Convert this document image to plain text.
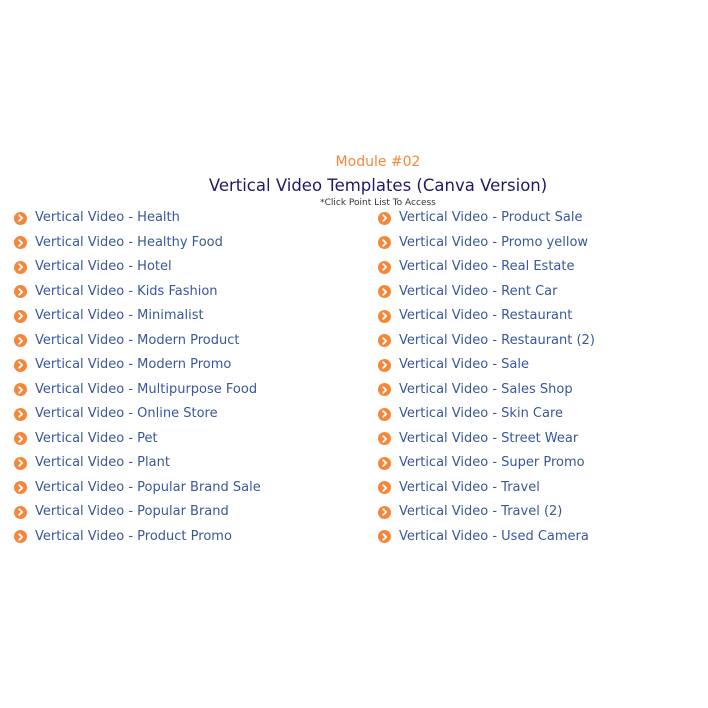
Module #02
Vertical Video Templates (Canva Version)
*Click Point List To Access
Vertical Video - Health
Vertical Video - Healthy Food
Vertical Video - Hotel
Vertical Video - Kids Fashion
Vertical Video - Minimalist
Vertical Video - Modern Product
Vertical Video - Modern Promo
Vertical Video - Multipurpose Food
Vertical Video - Online Store
Vertical Video - Pet
Vertical Video - Plant
Vertical Video - Popular Brand Sale
Vertical Video - Popular Brand
Vertical Video - Product Promo
Vertical Video - Product Sale
Vertical Video - Promo yellow
Vertical Video - Real Estate
Vertical Video - Rent Car
Vertical Video - Restaurant
Vertical Video - Restaurant (2)
Vertical Video - Sale
Vertical Video - Sales Shop
Vertical Video - Skin Care
Vertical Video - Street Wear
Vertical Video - Super Promo
Vertical Video - Travel
Vertical Video - Travel (2)
Vertical Video - Used Camera
